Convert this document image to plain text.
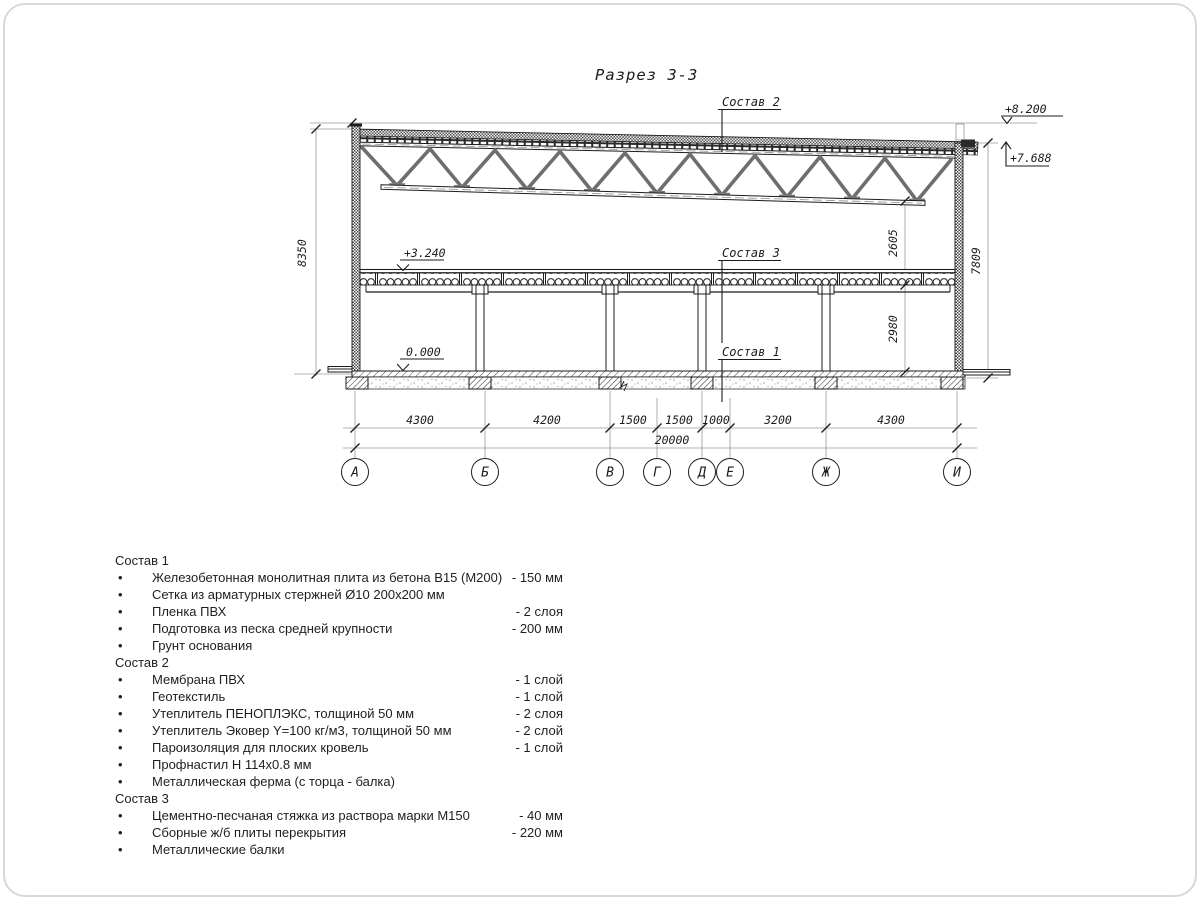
Разрез 3-3
Состав 2
Состав 3
Состав 1
+8.200
+7.688
+3.240
0.000
8350	2605
2980
7809
4300	4200	1500 1500 1000	3200	4300
20000
А	Б	В	Г	Д Е	Ж	И
Состав 1
•	Железобетонная монолитная плита из бетона В15 (М200) - 150 мм
•	Сетка из арматурных стержней Ø10 200x200 мм
•	Пленка ПВХ	- 2 слоя
•	Подготовка из песка средней крупности	- 200 мм
•	Грунт основания
Состав 2
•	Мембрана ПВХ	- 1 слой
•	Геотекстиль	- 1 слой
•	Утеплитель ПЕНОПЛЭКС, толщиной 50 мм	- 2 слоя
•	Утеплитель Эковер Y=100 кг/м3, толщиной 50 мм	- 2 слой
•	Пароизоляция для плоских кровель	- 1 слой
•	Профнастил Н 114x0.8 мм
•	Металлическая ферма (с торца - балка)
Состав 3
•	Цементно-песчаная стяжка из раствора марки М150	- 40 мм
•	Сборные ж/б плиты перекрытия	- 220 мм
•	Металлические балки
